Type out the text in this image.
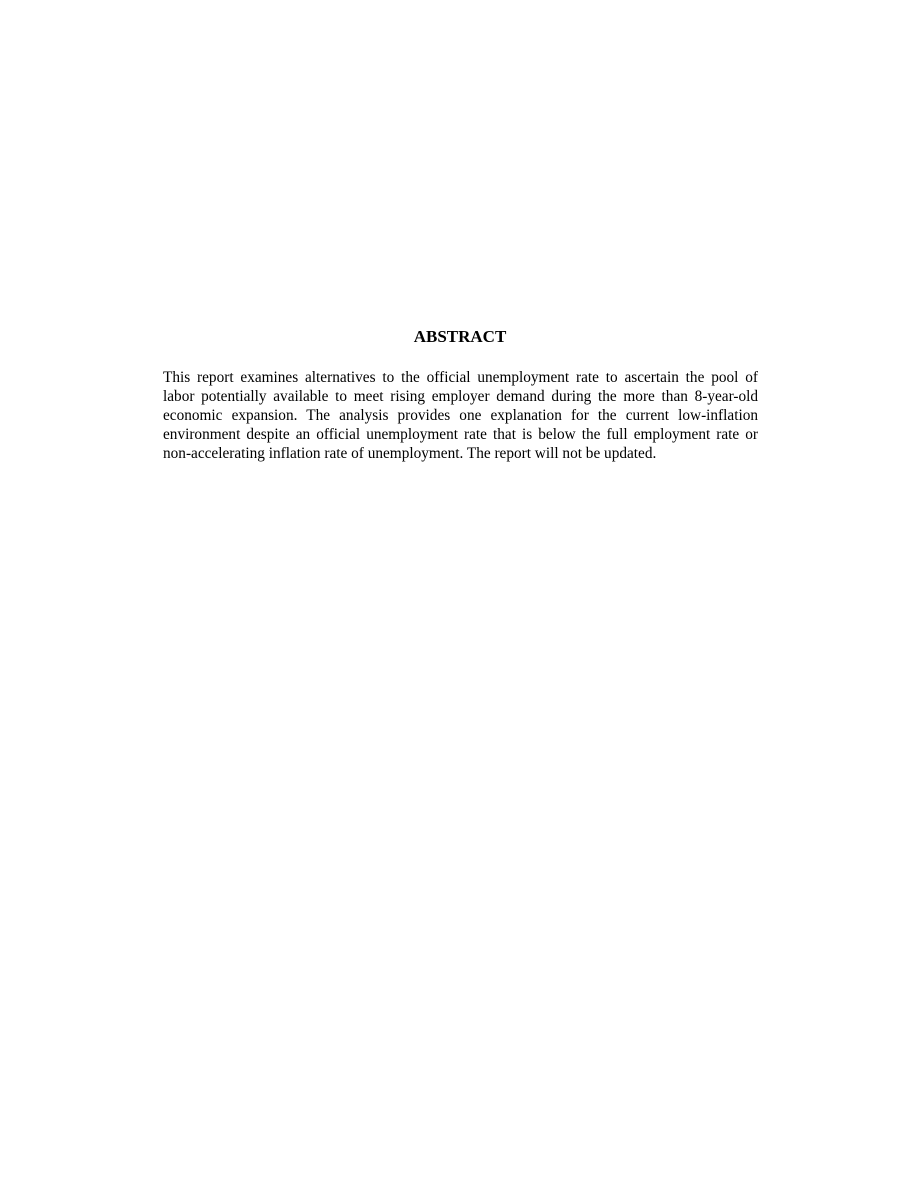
ABSTRACT
This report examines alternatives to the official unemployment rate to ascertain the pool of
labor potentially available to meet rising employer demand during the more than 8-year-old
economic expansion. The analysis provides one explanation for the current low-inflation
environment despite an official unemployment rate that is below the full employment rate or
non-accelerating inflation rate of unemployment. The report will not be updated.
